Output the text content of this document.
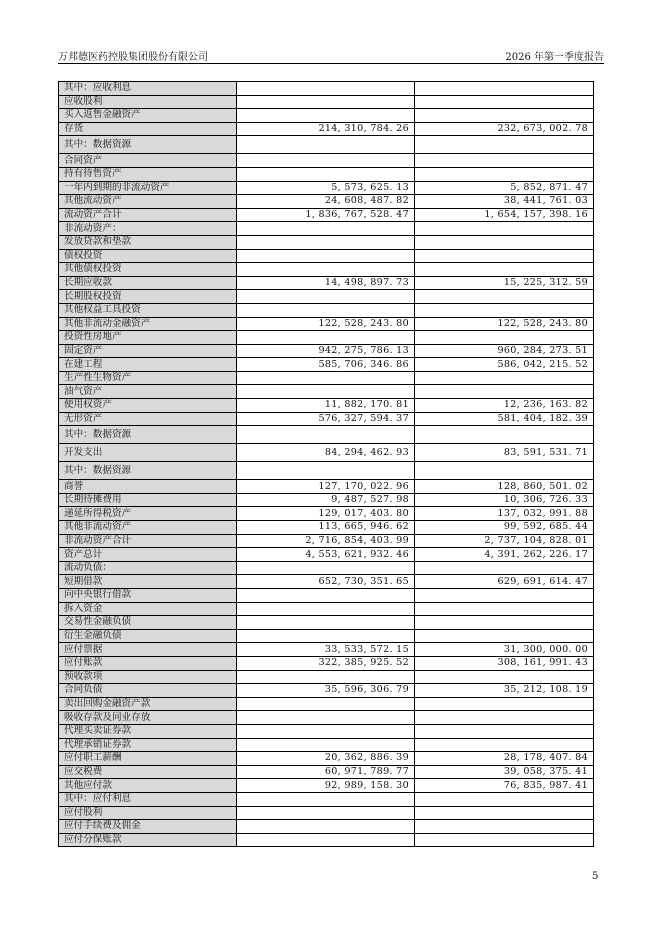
万邦德医药控股集团股份有限公司	2026 年第一季度报告
其中：应收利息		
应收股利		
买入返售金融资产		
存货	214, 310, 784. 26	232, 673, 002. 78
其中：数据资源		
合同资产		
持有待售资产		
一年内到期的非流动资产	5, 573, 625. 13	5, 852, 871. 47
其他流动资产	24, 608, 487. 82	38, 441, 761. 03
流动资产合计	1, 836, 767, 528. 47	1, 654, 157, 398. 16
非流动资产：		
发放贷款和垫款		
债权投资		
其他债权投资		
长期应收款	14, 498, 897. 73	15, 225, 312. 59
长期股权投资		
其他权益工具投资		
其他非流动金融资产	122, 528, 243. 80	122, 528, 243. 80
投资性房地产		
固定资产	942, 275, 786. 13	960, 284, 273. 51
在建工程	585, 706, 346. 86	586, 042, 215. 52
生产性生物资产		
油气资产		
使用权资产	11, 882, 170. 81	12, 236, 163. 82
无形资产	576, 327, 594. 37	581, 404, 182. 39
其中：数据资源		
开发支出	84, 294, 462. 93	83, 591, 531. 71
其中：数据资源		
商誉	127, 170, 022. 96	128, 860, 501. 02
长期待摊费用	9, 487, 527. 98	10, 306, 726. 33
递延所得税资产	129, 017, 403. 80	137, 032, 991. 88
其他非流动资产	113, 665, 946. 62	99, 592, 685. 44
非流动资产合计	2, 716, 854, 403. 99	2, 737, 104, 828. 01
资产总计	4, 553, 621, 932. 46	4, 391, 262, 226. 17
流动负债：		
短期借款	652, 730, 351. 65	629, 691, 614. 47
向中央银行借款		
拆入资金		
交易性金融负债		
衍生金融负债		
应付票据	33, 533, 572. 15	31, 300, 000. 00
应付账款	322, 385, 925. 52	308, 161, 991. 43
预收款项		
合同负债	35, 596, 306. 79	35, 212, 108. 19
卖出回购金融资产款		
吸收存款及同业存放		
代理买卖证券款		
代理承销证券款		
应付职工薪酬	20, 362, 886. 39	28, 178, 407. 84
应交税费	60, 971, 789. 77	39, 058, 375. 41
其他应付款	92, 989, 158. 30	76, 835, 987. 41
其中：应付利息		
应付股利		
应付手续费及佣金		
应付分保账款		
5
